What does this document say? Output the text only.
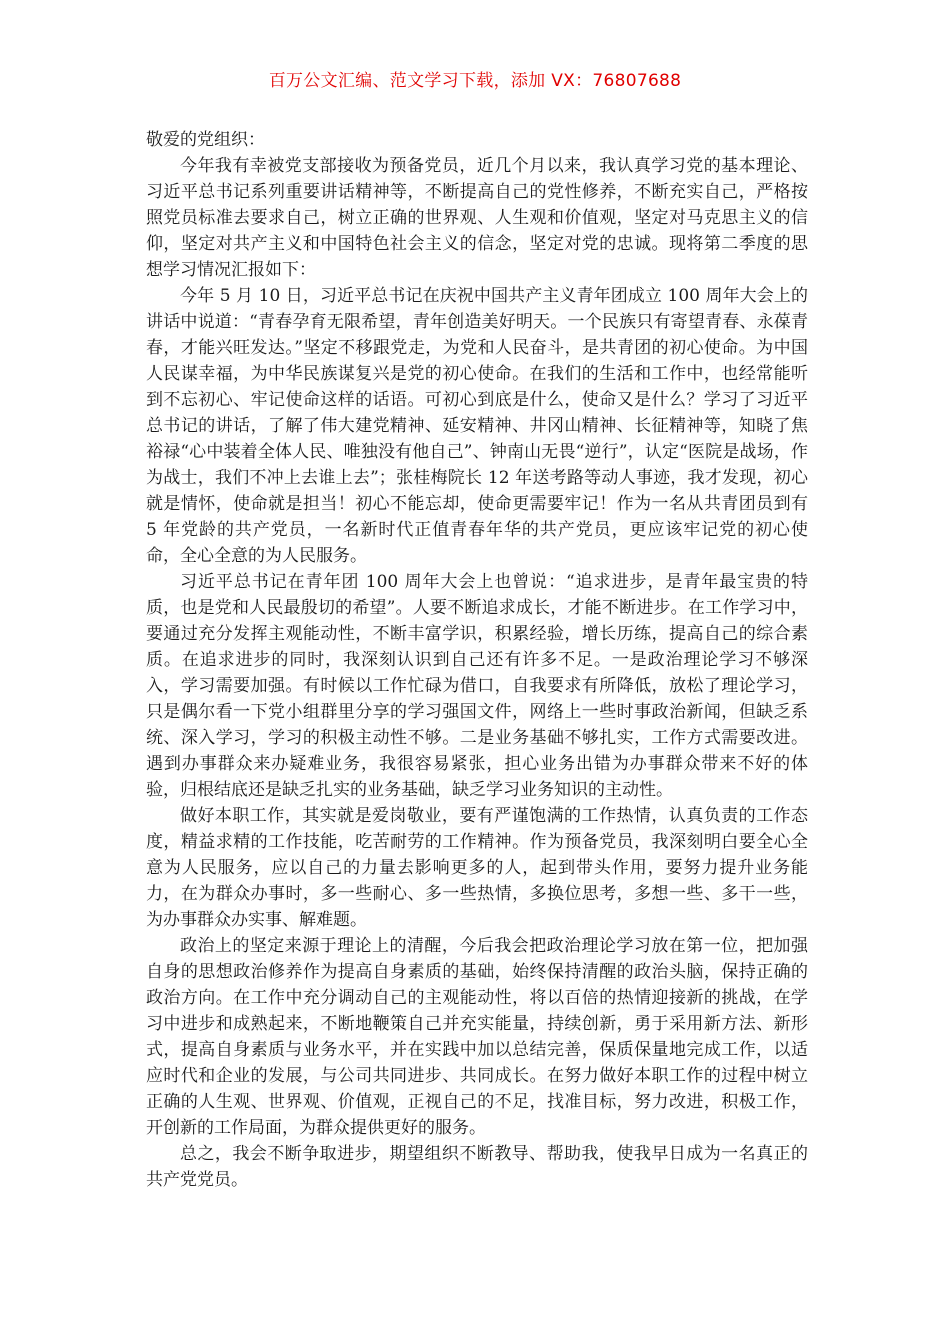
百万公文汇编、范文学习下载，添加 VX：76807688

敬爱的党组织：

今年我有幸被党支部接收为预备党员，近几个月以来，我认真学习党的基本理论、习近平总书记系列重要讲话精神等，不断提高自己的党性修养，不断充实自己，严格按照党员标准去要求自己，树立正确的世界观、人生观和价值观，坚定对马克思主义的信仰，坚定对共产主义和中国特色社会主义的信念，坚定对党的忠诚。现将第二季度的思想学习情况汇报如下：

今年 5 月 10 日，习近平总书记在庆祝中国共产主义青年团成立 100 周年大会上的讲话中说道：“青春孕育无限希望，青年创造美好明天。一个民族只有寄望青春、永葆青春，才能兴旺发达。”坚定不移跟党走，为党和人民奋斗，是共青团的初心使命。为中国人民谋幸福，为中华民族谋复兴是党的初心使命。在我们的生活和工作中，也经常能听到不忘初心、牢记使命这样的话语。可初心到底是什么，使命又是什么？学习了习近平总书记的讲话，了解了伟大建党精神、延安精神、井冈山精神、长征精神等，知晓了焦裕禄“心中装着全体人民、唯独没有他自己”、钟南山无畏“逆行”，认定“医院是战场，作为战士，我们不冲上去谁上去”；张桂梅院长 12 年送考路等动人事迹，我才发现，初心就是情怀，使命就是担当！初心不能忘却，使命更需要牢记！作为一名从共青团员到有 5 年党龄的共产党员，一名新时代正值青春年华的共产党员，更应该牢记党的初心使命，全心全意的为人民服务。

习近平总书记在青年团 100 周年大会上也曾说：“追求进步，是青年最宝贵的特质，也是党和人民最殷切的希望”。人要不断追求成长，才能不断进步。在工作学习中，要通过充分发挥主观能动性，不断丰富学识，积累经验，增长历练，提高自己的综合素质。在追求进步的同时，我深刻认识到自己还有许多不足。一是政治理论学习不够深入，学习需要加强。有时候以工作忙碌为借口，自我要求有所降低，放松了理论学习，只是偶尔看一下党小组群里分享的学习强国文件，网络上一些时事政治新闻，但缺乏系统、深入学习，学习的积极主动性不够。二是业务基础不够扎实，工作方式需要改进。遇到办事群众来办疑难业务，我很容易紧张，担心业务出错为办事群众带来不好的体验，归根结底还是缺乏扎实的业务基础，缺乏学习业务知识的主动性。

做好本职工作，其实就是爱岗敬业，要有严谨饱满的工作热情，认真负责的工作态度，精益求精的工作技能，吃苦耐劳的工作精神。作为预备党员，我深刻明白要全心全意为人民服务，应以自己的力量去影响更多的人，起到带头作用，要努力提升业务能力，在为群众办事时，多一些耐心、多一些热情，多换位思考，多想一些、多干一些，为办事群众办实事、解难题。

政治上的坚定来源于理论上的清醒，今后我会把政治理论学习放在第一位，把加强自身的思想政治修养作为提高自身素质的基础，始终保持清醒的政治头脑，保持正确的政治方向。在工作中充分调动自己的主观能动性，将以百倍的热情迎接新的挑战，在学习中进步和成熟起来，不断地鞭策自己并充实能量，持续创新，勇于采用新方法、新形式，提高自身素质与业务水平，并在实践中加以总结完善，保质保量地完成工作，以适应时代和企业的发展，与公司共同进步、共同成长。在努力做好本职工作的过程中树立正确的人生观、世界观、价值观，正视自己的不足，找准目标，努力改进，积极工作，开创新的工作局面，为群众提供更好的服务。

总之，我会不断争取进步，期望组织不断教导、帮助我，使我早日成为一名真正的共产党党员。
